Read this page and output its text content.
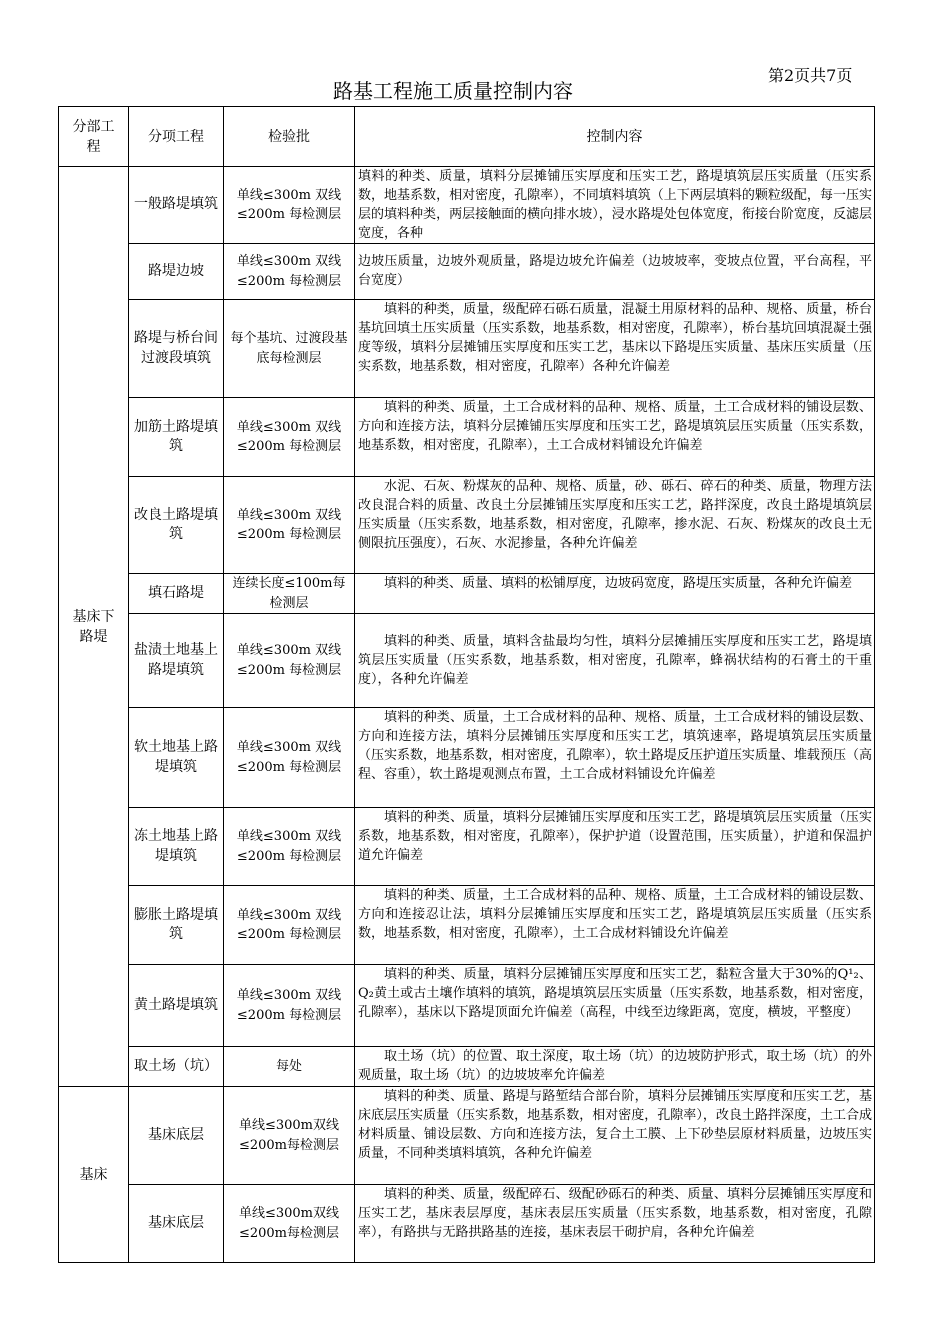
第2页共7页
路基工程施工质量控制内容
分部工程	分项工程	检验批	控制内容

基床下路堤	一般路堤填筑	单线≤300m 双线≤200m 每检测层	填料的种类、质量，填料分层摊铺压实厚度和压实工艺，路堤填筑层压实质量（压实系数，地基系数，相对密度，孔隙率），不同填料填筑（上下两层填料的颗粒级配，每一压实层的填料种类，两层接触面的横向排水坡），浸水路堤处包体宽度，衔接台阶宽度，反滤层宽度，各种
	路堤边坡	单线≤300m 双线≤200m 每检测层	边坡压质量，边坡外观质量，路堤边坡允许偏差（边坡坡率，变坡点位置，平台高程，平台宽度）
	路堤与桥台间过渡段填筑	每个基坑、过渡段基底每检测层	填料的种类，质量，级配碎石砾石质量，混凝土用原材料的品种、规格、质量，桥台基坑回填土压实质量（压实系数，地基系数，相对密度，孔隙率），桥台基坑回填混凝土强度等级，填料分层摊铺压实厚度和压实工艺，基床以下路堤压实质量、基床压实质量（压实系数，地基系数，相对密度，孔隙率）各种允许偏差
	加筋土路堤填筑	单线≤300m 双线≤200m 每检测层	填料的种类、质量，土工合成材料的品种、规格、质量，土工合成材料的铺设层数、方向和连接方法，填料分层摊铺压实厚度和压实工艺，路堤填筑层压实质量（压实系数，地基系数，相对密度，孔隙率），土工合成材料铺设允许偏差
	改良土路堤填筑	单线≤300m 双线≤200m 每检测层	水泥、石灰、粉煤灰的品种、规格、质量，砂、砾石、碎石的种类、质量，物理方法改良混合料的质量、改良土分层摊铺压实厚度和压实工艺，路拌深度，改良土路堤填筑层压实质量（压实系数，地基系数，相对密度，孔隙率，掺水泥、石灰、粉煤灰的改良土无侧限抗压强度），石灰、水泥掺量，各种允许偏差
	填石路堤	连续长度≤100m每检测层	填料的种类、质量、填料的松铺厚度，边坡码宽度，路堤压实质量，各种允许偏差
	盐渍土地基上路堤填筑	单线≤300m 双线≤200m 每检测层	填料的种类、质量，填料含盐最均匀性，填料分层摊捕压实厚度和压实工艺，路堤填筑层压实质量（压实系数，地基系数，相对密度，孔隙率，蜂祸状结构的石膏土的干重度），各种允许偏差
	软土地基上路堤填筑	单线≤300m 双线≤200m 每检测层	填料的种类、质量，土工合成材料的品种、规格、质量，土工合成材料的铺设层数、方向和连接方法，填料分层摊铺压实厚度和压实工艺，填筑速率，路堤填筑层压实质量（压实系数，地基系数，相对密度，孔隙率），软土路堤反压护道压实质量、堆载预压（高程、容重），软土路堤观测点布置，土工合成材料铺设允许偏差
	冻土地基上路堤填筑	单线≤300m 双线≤200m 每检测层	填料的种类、质量，填料分层摊铺压实厚度和压实工艺，路堤填筑层压实质量（压实系数，地基系数，相对密度，孔隙率），保护护道（设置范围，压实质量），护道和保温护道允许偏差
	膨胀土路堤填筑	单线≤300m 双线≤200m 每检测层	填料的种类、质量，土工合成材料的品种、规格、质量，土工合成材料的铺设层数、方向和连接忍让法，填料分层摊铺压实厚度和压实工艺，路堤填筑层压实质量（压实系数，地基系数，相对密度，孔隙率），土工合成材料铺设允许偏差
	黄土路堤填筑	单线≤300m 双线≤200m 每检测层	填料的种类、质量，填料分层摊铺压实厚度和压实工艺，黏粒含量大于30%的Q¹₂、Q₂黄土或古土壤作填料的填筑，路堤填筑层压实质量（压实系数，地基系数，相对密度，孔隙率），基床以下路堤顶面允许偏差（高程，中线至边缘距离，宽度，横坡，平整度）
	取土场（坑）	每处	取土场（坑）的位置、取土深度，取土场（坑）的边坡防护形式，取土场（坑）的外观质量，取土场（坑）的边坡坡率允许偏差
基床	基床底层	单线≤300m双线≤200m每检测层	填料的种类、质量、路堤与路堑结合部台阶，填料分层摊铺压实厚度和压实工艺，基床底层压实质量（压实系数，地基系数，相对密度，孔隙率），改良土路拌深度，土工合成材料质量、铺设层数、方向和连接方法，复合土工膜、上下砂垫层原材料质量，边坡压实质量，不同种类填料填筑，各种允许偏差
	基床底层	单线≤300m双线≤200m每检测层	填料的种类、质量，级配碎石、级配砂砾石的种类、质量、填料分层摊铺压实厚度和压实工艺，基床表层厚度，基床表层压实质量（压实系数，地基系数，相对密度，孔隙率），有路拱与无路拱路基的连接，基床表层干砌护肩，各种允许偏差
